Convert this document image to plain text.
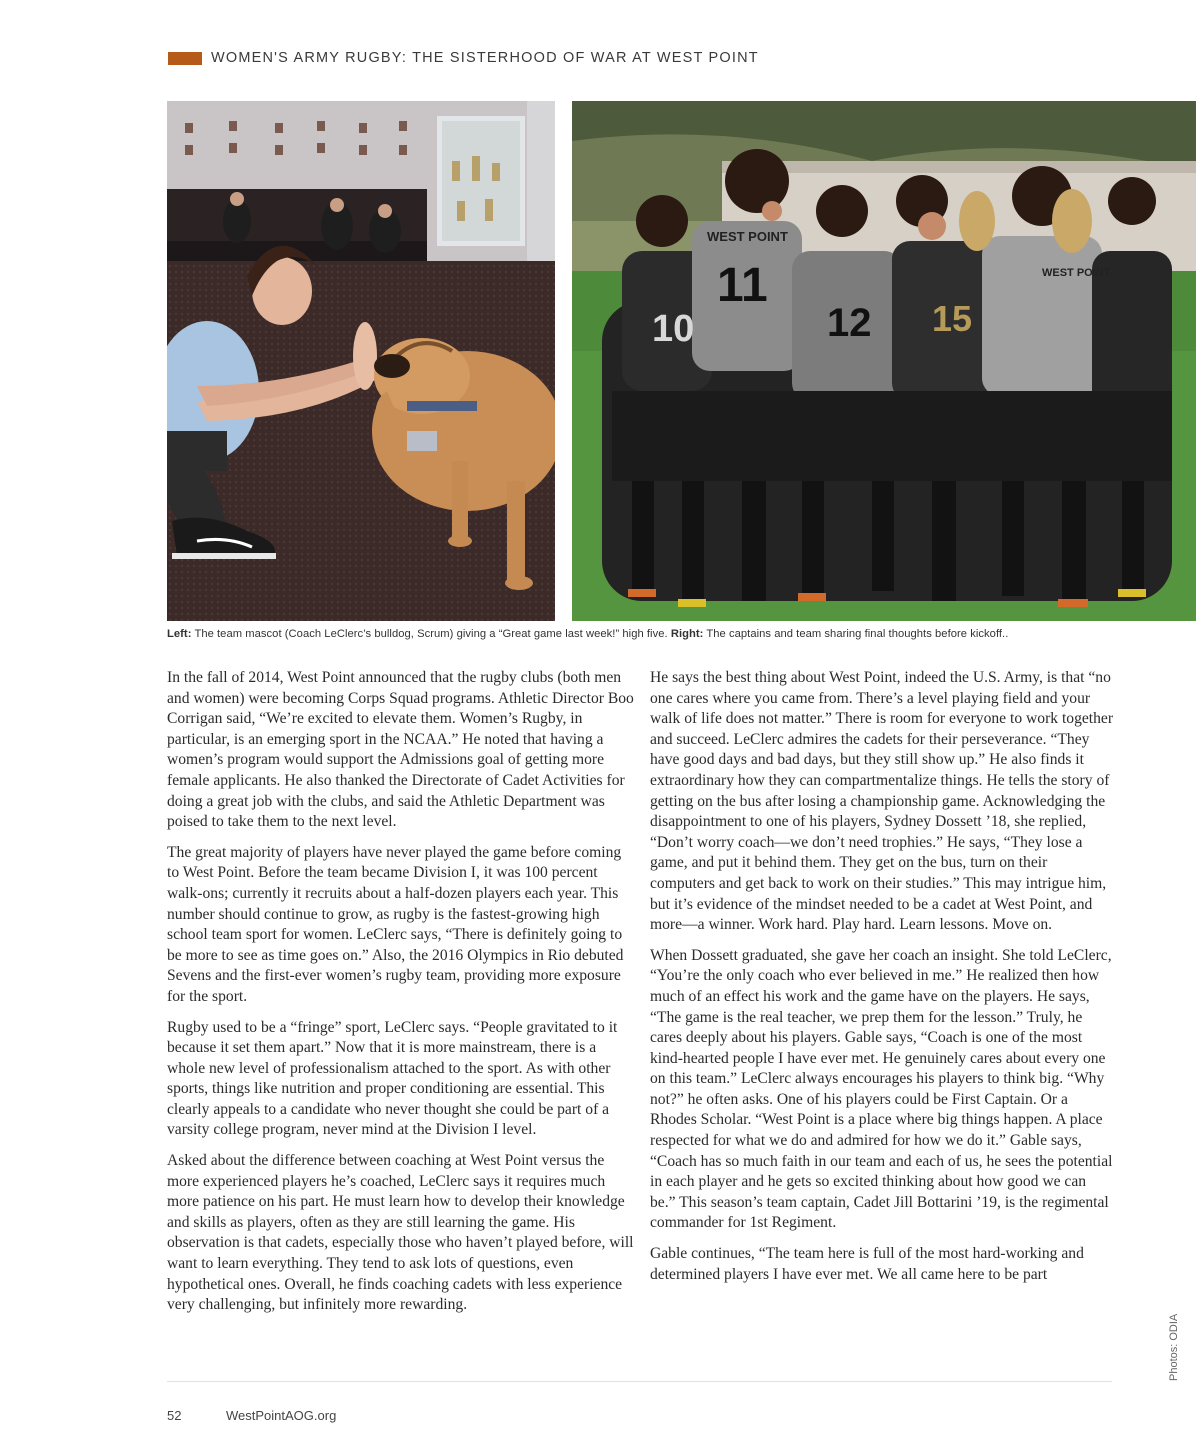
WOMEN'S ARMY RUGBY: THE SISTERHOOD OF WAR AT WEST POINT
WEST POINT
WEST POINT
11
10	12 15
Left: The team mascot (Coach LeClerc’s bulldog, Scrum) giving a “Great game last week!” high five. Right: The captains and team sharing final thoughts before kickoff..

In the fall of 2014, West Point announced that the rugby clubs (both men and women) were becoming Corps Squad programs. Athletic Director Boo Corrigan said, “We’re excited to elevate them. Women’s Rugby, in particular, is an emerging sport in the NCAA.” He noted that having a women’s program would support the Admissions goal of getting more female applicants. He also thanked the Directorate of Cadet Activities for doing a great job with the clubs, and said the Athletic Department was poised to take them to the next level.

The great majority of players have never played the game before coming to West Point. Before the team became Division I, it was 100 percent walk-ons; currently it recruits about a half-dozen players each year. This number should continue to grow, as rugby is the fastest-growing high school team sport for women. LeClerc says, “There is definitely going to be more to see as time goes on.” Also, the 2016 Olympics in Rio debuted Sevens and the first-ever women’s rugby team, providing more exposure for the sport.

Rugby used to be a “fringe” sport, LeClerc says. “People gravitated to it because it set them apart.” Now that it is more mainstream, there is a whole new level of professionalism attached to the sport. As with other sports, things like nutrition and proper conditioning are essential. This clearly appeals to a candidate who never thought she could be part of a varsity college program, never mind at the Division I level.

Asked about the difference between coaching at West Point versus the more experienced players he’s coached, LeClerc says it requires much more patience on his part. He must learn how to develop their knowledge and skills as players, often as they are still learning the game. His observation is that cadets, especially those who haven’t played before, will want to learn everything. They tend to ask lots of questions, even hypothetical ones. Overall, he finds coaching cadets with less experience very challenging, but infinitely more rewarding.

He says the best thing about West Point, indeed the U.S. Army, is that “no one cares where you came from. There’s a level playing field and your walk of life does not matter.” There is room for everyone to work together and succeed. LeClerc admires the cadets for their perseverance. “They have good days and bad days, but they still show up.” He also finds it extraordinary how they can compartmentalize things. He tells the story of getting on the bus after losing a championship game. Acknowledging the disappointment to one of his players, Sydney Dossett ’18, she replied, “Don’t worry coach—we don’t need trophies.” He says, “They lose a game, and put it behind them. They get on the bus, turn on their computers and get back to work on their studies.” This may intrigue him, but it’s evidence of the mindset needed to be a cadet at West Point, and more—a winner. Work hard. Play hard. Learn lessons. Move on.

When Dossett graduated, she gave her coach an insight. She told LeClerc, “You’re the only coach who ever believed in me.” He realized then how much of an effect his work and the game have on the players. He says, “The game is the real teacher, we prep them for the lesson.” Truly, he cares deeply about his players. Gable says, “Coach is one of the most kind-hearted people I have ever met. He genuinely cares about every one on this team.” LeClerc always encourages his players to think big. “Why not?” he often asks. One of his players could be First Captain. Or a Rhodes Scholar. “West Point is a place where big things happen. A place respected for what we do and admired for how we do it.” Gable says, “Coach has so much faith in our team and each of us, he sees the potential in each player and he gets so excited thinking about how good we can be.” This season’s team captain, Cadet Jill Bottarini ’19, is the regimental commander for 1st Regiment.

Gable continues, “The team here is full of the most hard-working and determined players I have ever met. We all came here to be part

52	WestPointAOG.org
Photos: ODIA
